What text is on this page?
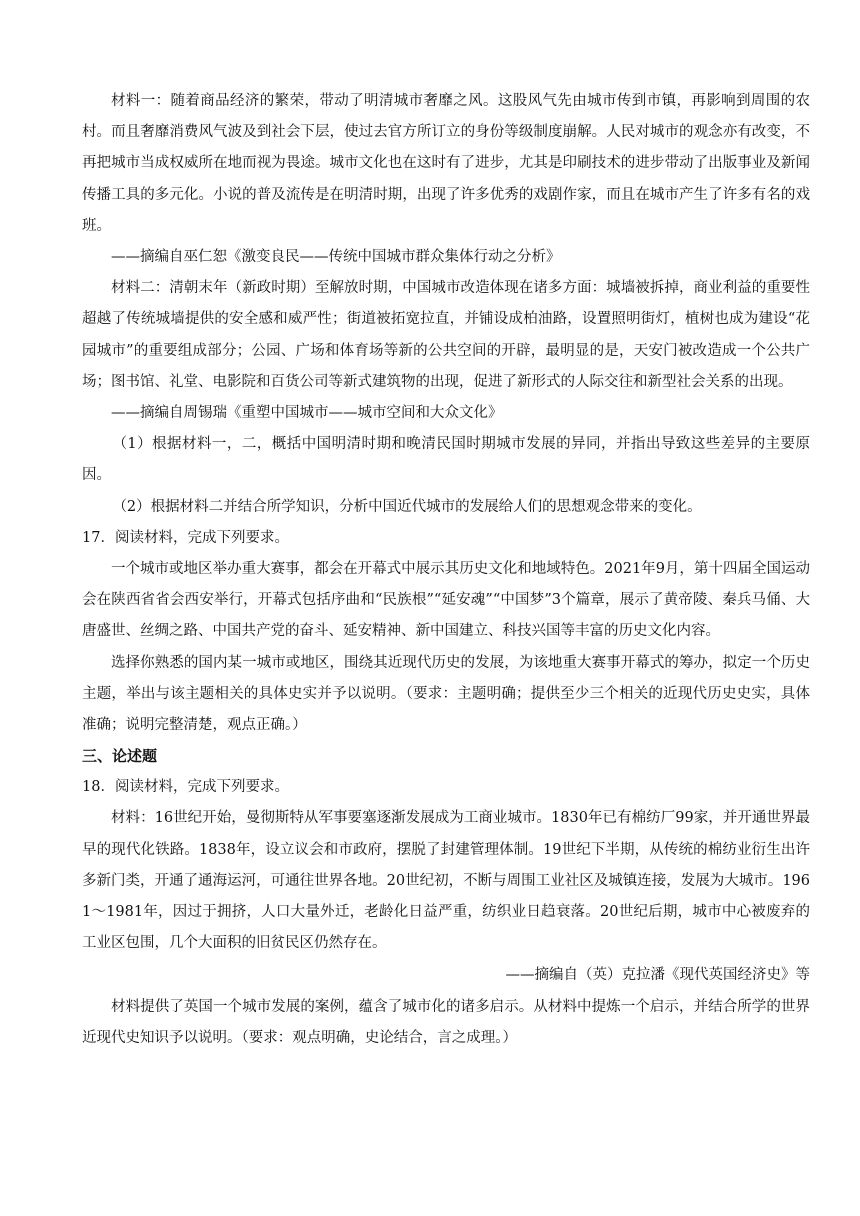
材料一：随着商品经济的繁荣，带动了明清城市奢靡之风。这股风气先由城市传到市镇，再影响到周围的农村。而且奢靡消费风气波及到社会下层，使过去官方所订立的身份等级制度崩解。人民对城市的观念亦有改变，不再把城市当成权威所在地而视为畏途。城市文化也在这时有了进步，尤其是印刷技术的进步带动了出版事业及新闻传播工具的多元化。小说的普及流传是在明清时期，出现了许多优秀的戏剧作家，而且在城市产生了许多有名的戏班。

——摘编自巫仁恕《激变良民——传统中国城市群众集体行动之分析》

材料二：清朝末年（新政时期）至解放时期，中国城市改造体现在诸多方面：城墙被拆掉，商业利益的重要性超越了传统城墙提供的安全感和威严性；街道被拓宽拉直，并铺设成柏油路，设置照明街灯，植树也成为建设“花园城市”的重要组成部分；公园、广场和体育场等新的公共空间的开辟，最明显的是，天安门被改造成一个公共广场；图书馆、礼堂、电影院和百货公司等新式建筑物的出现，促进了新形式的人际交往和新型社会关系的出现。

——摘编自周锡瑞《重塑中国城市——城市空间和大众文化》

（1）根据材料一，二，概括中国明清时期和晚清民国时期城市发展的异同，并指出导致这些差异的主要原因。

（2）根据材料二并结合所学知识，分析中国近代城市的发展给人们的思想观念带来的变化。

17．阅读材料，完成下列要求。

一个城市或地区举办重大赛事，都会在开幕式中展示其历史文化和地域特色。2021年9月，第十四届全国运动会在陕西省省会西安举行，开幕式包括序曲和“民族根”“延安魂”“中国梦”3个篇章，展示了黄帝陵、秦兵马俑、大唐盛世、丝绸之路、中国共产党的奋斗、延安精神、新中国建立、科技兴国等丰富的历史文化内容。

选择你熟悉的国内某一城市或地区，围绕其近现代历史的发展，为该地重大赛事开幕式的筹办，拟定一个历史主题，举出与该主题相关的具体史实并予以说明。（要求：主题明确；提供至少三个相关的近现代历史史实，具体准确；说明完整清楚，观点正确。）

三、论述题

18．阅读材料，完成下列要求。

材料：16世纪开始，曼彻斯特从军事要塞逐渐发展成为工商业城市。1830年已有棉纺厂99家，并开通世界最早的现代化铁路。1838年，设立议会和市政府，摆脱了封建管理体制。19世纪下半期，从传统的棉纺业衍生出许多新门类，开通了通海运河，可通往世界各地。20世纪初，不断与周围工业社区及城镇连接，发展为大城市。1961～1981年，因过于拥挤，人口大量外迁，老龄化日益严重，纺织业日趋衰落。20世纪后期，城市中心被废弃的工业区包围，几个大面积的旧贫民区仍然存在。

——摘编自（英）克拉潘《现代英国经济史》等

材料提供了英国一个城市发展的案例，蕴含了城市化的诸多启示。从材料中提炼一个启示，并结合所学的世界近现代史知识予以说明。（要求：观点明确，史论结合，言之成理。）
